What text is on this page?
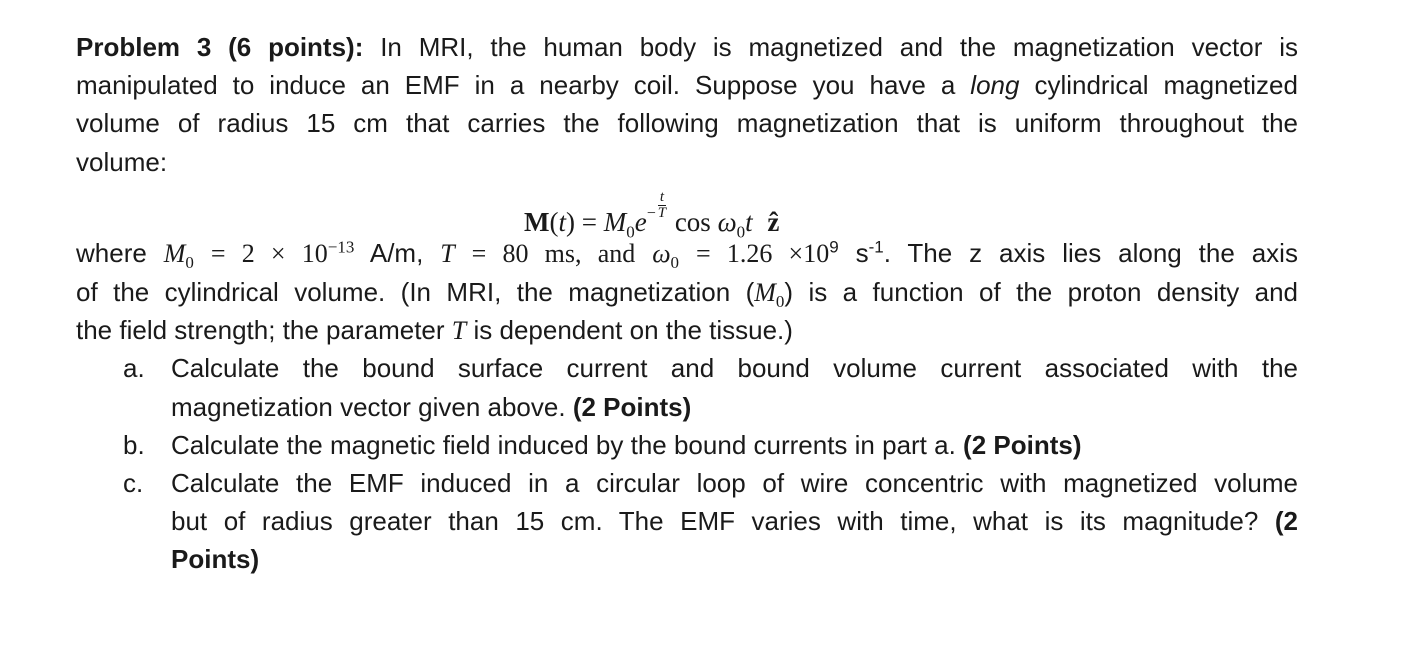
Problem 3 (6 points): In MRI, the human body is magnetized and the magnetization vector is
manipulated to induce an EMF in a nearby coil. Suppose you have a long cylindrical magnetized
volume of radius 15 cm that carries the following magnetization that is uniform throughout the
volume:
$M(t) = M_0e^- \frac{t}{T}$
$\cos \omega_0t$ ẑ
where $M_0 = 2 \times 10^{-13}$ A/m, T = 80 ms, and $\omega_0 = 1.26 \times 10^9$ $s^{-1}$. The z axis lies along the axis
of the cylindrical volume. (In MRI, the magnetization $(M_0)$ is a function of the proton density and
the field strength; the parameter T is dependent on the tissue.)
a. Calculate the bound surface current and bound volume current associated with the
magnetization vector given above. (2 Points)
b. Calculate the magnetic field induced by the bound currents in part a. (2 Points)
c. Calculate the EMF induced in a circular loop of wire concentric with magnetized volume
but of radius greater than 15 cm. The EMF varies with time, what is its magnitude? (2
Points)
